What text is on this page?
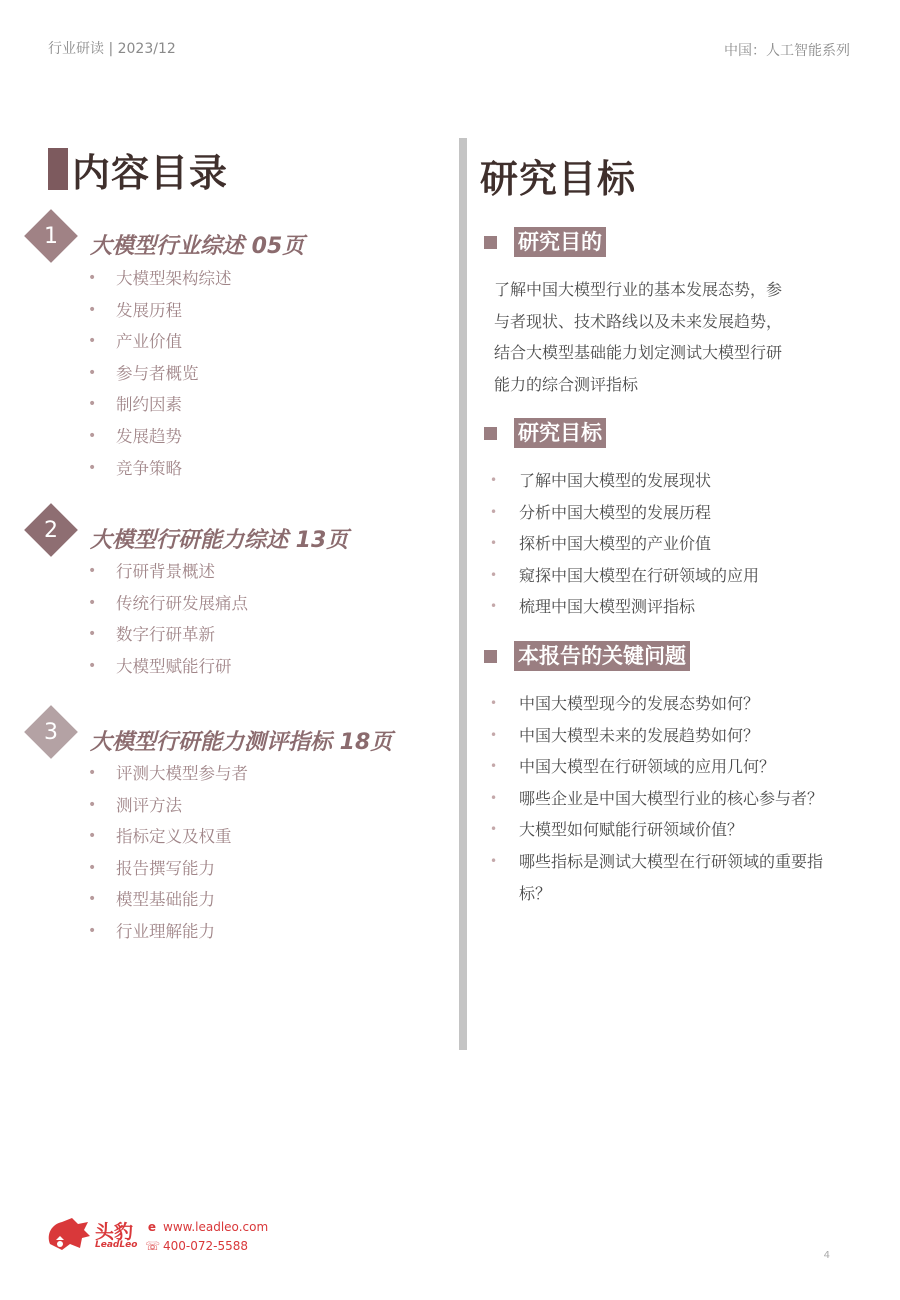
行业研读 | 2023/12	中国：人工智能系列
内容目录
1	大模型行业综述 05页
•	大模型架构综述
•	发展历程
•	产业价值
•	参与者概览
•	制约因素
•	发展趋势
•	竞争策略
2	大模型行研能力综述 13页
•	行研背景概述
•	传统行研发展痛点
•	数字行研革新
•	大模型赋能行研
3	大模型行研能力测评指标 18页
•	评测大模型参与者
•	测评方法
•	指标定义及权重
•	报告撰写能力
•	模型基础能力
•	行业理解能力
研究目标
研究目的
了解中国大模型行业的基本发展态势，参
与者现状、技术路线以及未来发展趋势，
结合大模型基础能力划定测试大模型行研
能力的综合测评指标
研究目标
•	了解中国大模型的发展现状
•	分析中国大模型的发展历程
•	探析中国大模型的产业价值
•	窥探中国大模型在行研领域的应用
•	梳理中国大模型测评指标
本报告的关键问题
•	中国大模型现今的发展态势如何？
•	中国大模型未来的发展趋势如何？
•	中国大模型在行研领域的应用几何？
•	哪些企业是中国大模型行业的核心参与者？
•	大模型如何赋能行研领域价值？
•	哪些指标是测试大模型在行研领域的重要指标？
头豹
LeadLeo
e www.leadleo.com
☏ 400-072-5588
4
